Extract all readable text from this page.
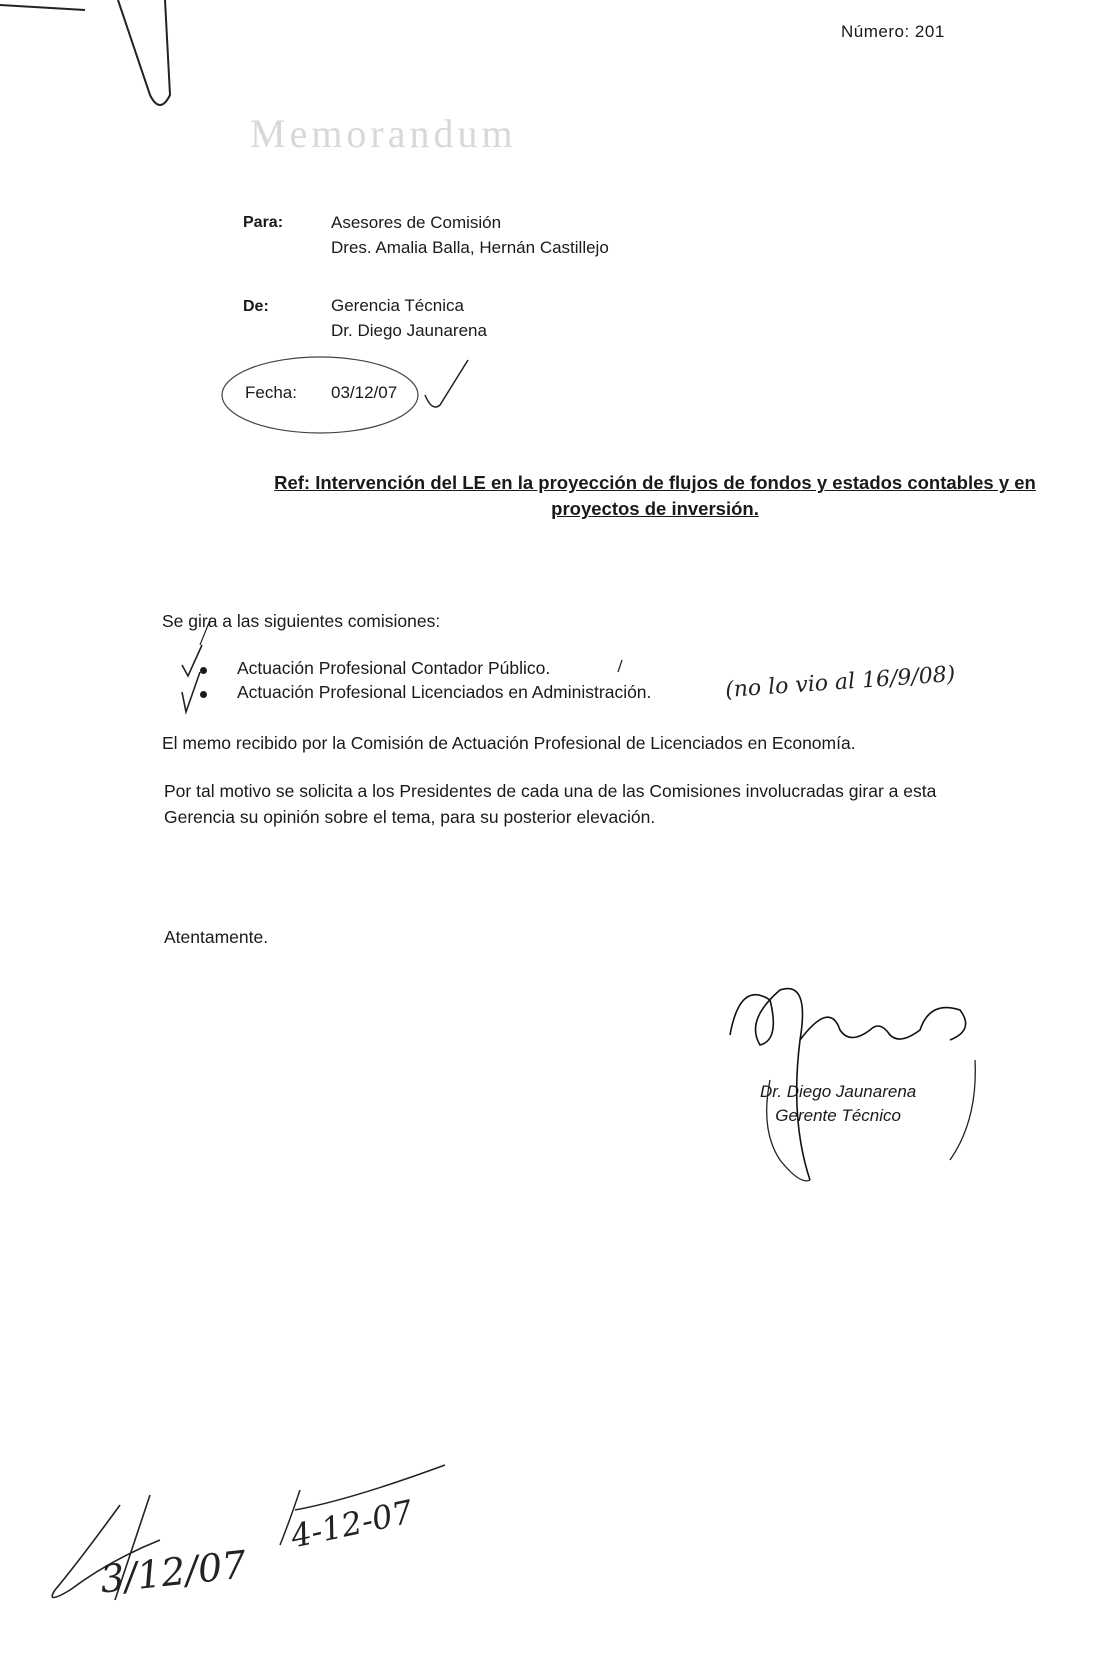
Número: 201
Memorandum
Para:	Asesores de Comisión
Dres. Amalia Balla, Hernán Castillejo
De:	Gerencia Técnica
Dr. Diego Jaunarena
Fecha: 03/12/07
Ref: Intervención del LE en la proyección de flujos de fondos y estados contables y en
proyectos de inversión.
Se gira a las siguientes comisiones:
Actuación Profesional Contador Público.
Actuación Profesional Licenciados en Administración.	(no lo vio al 16/9/08)
El memo recibido por la Comisión de Actuación Profesional de Licenciados en Economía.
Por tal motivo se solicita a los Presidentes de cada una de las Comisiones involucradas girar a esta
Gerencia su opinión sobre el tema, para su posterior elevación.
Atentamente.
Dr. Diego Jaunarena
Gerente Técnico
3/12/07
4-12-07
